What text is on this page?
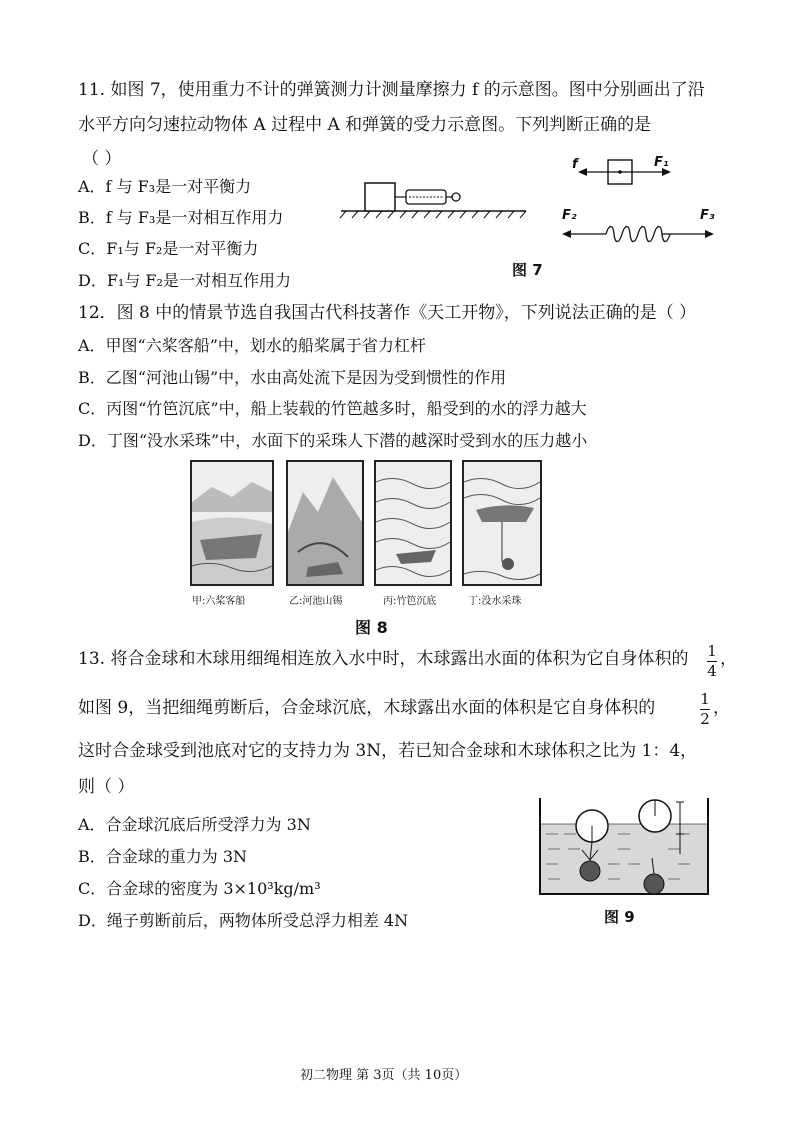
11. 如图 7，使用重力不计的弹簧测力计测量摩擦力 f 的示意图。图中分别画出了沿
水平方向匀速拉动物体 A 过程中 A 和弹簧的受力示意图。下列判断正确的是
（ ）
A．f 与 F₃是一对平衡力
B．f 与 F₃是一对相互作用力
C．F₁与 F₂是一对平衡力
D．F₁与 F₂是一对相互作用力
f	F₁
F₂	F₃
图 7
12．图 8 中的情景节选自我国古代科技著作《天工开物》，下列说法正确的是（ ）
A．甲图“六桨客船”中，划水的船桨属于省力杠杆
B．乙图“河池山锡”中，水由高处流下是因为受到惯性的作用
C．丙图“竹笆沉底”中，船上装载的竹笆越多时，船受到的水的浮力越大
D．丁图“没水采珠”中，水面下的采珠人下潜的越深时受到水的压力越小
甲:六桨客船	乙:河池山锡	丙:竹笆沉底	丁:没水采珠
图 8
13. 将合金球和木球用细绳相连放入水中时，木球露出水面的体积为它自身体积的 1
4
，
如图 9，当把细绳剪断后，合金球沉底，木球露出水面的体积是它自身体积的	1
2
，
这时合金球受到池底对它的支持力为 3N，若已知合金球和木球体积之比为 1：4，
则（ ）
A．合金球沉底后所受浮力为 3N
B．合金球的重力为 3N
C．合金球的密度为 3×10³kg/m³
D．绳子剪断前后，两物体所受总浮力相差 4N	图 9
初二物理 第 3页（共 10页）
